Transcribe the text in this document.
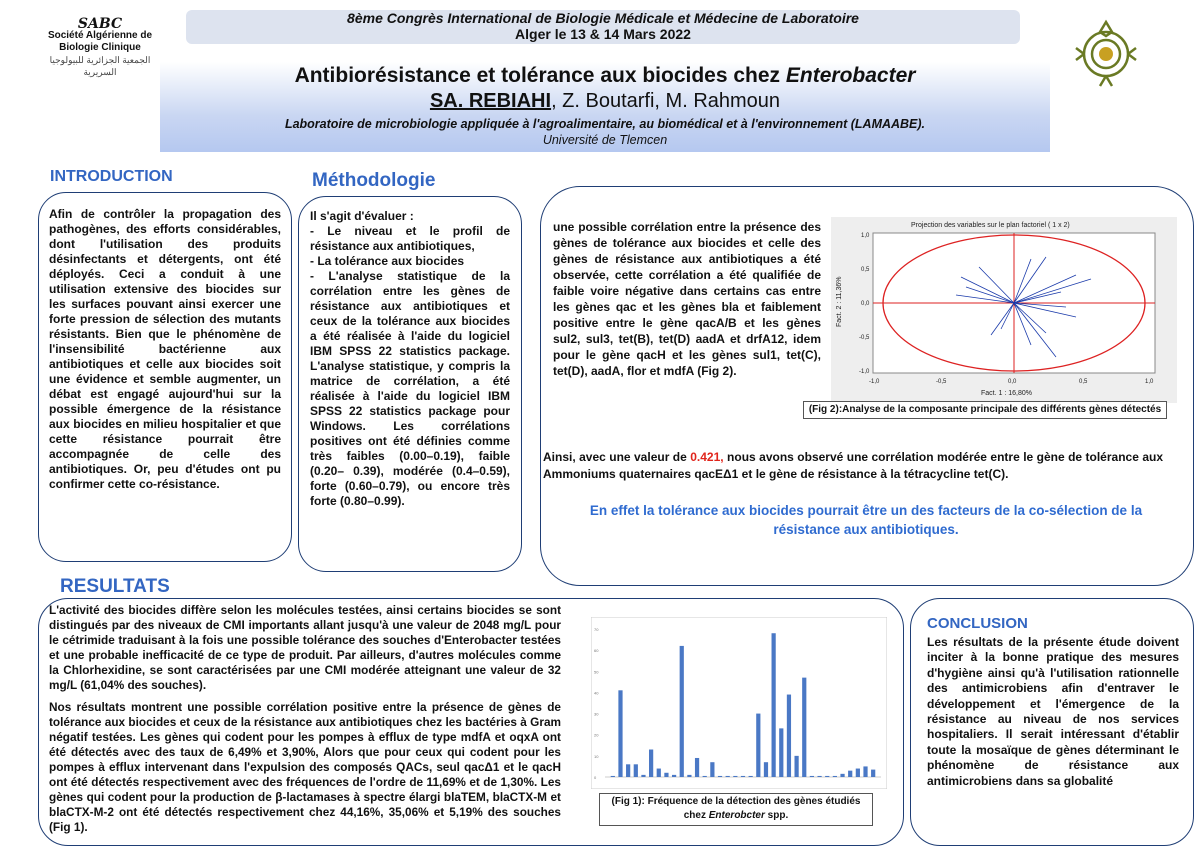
SABC
Société Algérienne de Biologie Clinique
الجمعية الجزائرية للبيولوجيا السريرية
8ème Congrès International de Biologie Médicale et Médecine de Laboratoire
Alger le 13 & 14 Mars 2022
Antibiorésistance et tolérance aux biocides chez Enterobacter
SA. REBIAHI, Z. Boutarfi, M. Rahmoun
Laboratoire de microbiologie appliquée à l'agroalimentaire, au biomédical et à l'environnement (LAMAABE).
Université de Tlemcen
INTRODUCTION
Afin de contrôler la propagation des pathogènes, des efforts considérables, dont l'utilisation des produits désinfectants et détergents, ont été déployés. Ceci a conduit à une utilisation extensive des biocides sur les surfaces pouvant ainsi exercer une forte pression de sélection des mutants résistants. Bien que le phénomène de l'insensibilité bactérienne aux antibiotiques et celle aux biocides soit une évidence et semble augmenter, un débat est engagé aujourd'hui sur la possible émergence de la résistance aux biocides en milieu hospitalier et que cette résistance pourrait être accompagnée de celle des antibiotiques. Or, peu d'études ont pu confirmer cette co-résistance.
Méthodologie
Il s'agit d'évaluer :
- Le niveau et le profil de résistance aux antibiotiques,
- La tolérance aux biocides
- L'analyse statistique de la corrélation entre les gènes de résistance aux antibiotiques et ceux de la tolérance aux biocides a été réalisée à l'aide du logiciel IBM SPSS 22 statistics package. L'analyse statistique, y compris la matrice de corrélation, a été réalisée à l'aide du logiciel IBM SPSS 22 statistics package pour Windows. Les corrélations positives ont été définies comme très faibles (0.00–0.19), faible (0.20– 0.39), modérée (0.4–0.59), forte (0.60–0.79), ou encore très forte (0.80–0.99).
une possible corrélation entre la présence des gènes de tolérance aux biocides et celle des gènes de résistance aux antibiotiques a été observée, cette corrélation a été qualifiée de faible voire négative dans certains cas entre les gènes qac et les gènes bla et faiblement positive entre le gène qacA/B et les gènes sul2, sul3, tet(B), tet(D) aadA et drfA12, idem pour le gène qacH et les gènes sul1, tet(C), tet(D), aadA, flor et mdfA (Fig 2).
Projection des variables sur le plan factoriel ( 1 x 2)
1,0
0,5
0,0
-0,5
-1,0
-1,0	-0,5	0,0	0,5	1,0
Fact. 1 : 16,80%
Fact. 2 : 11,36%
(Fig 2):Analyse de la composante principale des différents gènes détectés
Ainsi, avec une valeur de 0.421, nous avons observé une corrélation modérée entre le gène de tolérance aux Ammoniums quaternaires qacEΔ1 et le gène de résistance à la tétracycline tet(C).
En effet la tolérance aux biocides pourrait être un des facteurs de la co-sélection de la résistance aux antibiotiques.
RESULTATS
L'activité des biocides diffère selon les molécules testées, ainsi certains biocides se sont distingués par des niveaux de CMI importants allant jusqu'à une valeur de 2048 mg/L pour le cétrimide traduisant à la fois une possible tolérance des souches d'Enterobacter testées et une probable inefficacité de ce type de produit. Par ailleurs, d'autres molécules comme la Chlorhexidine, se sont caractérisées par une CMI modérée atteignant une valeur de 32 mg/L (61,04% des souches).
Nos résultats montrent une possible corrélation positive entre la présence de gènes de tolérance aux biocides et ceux de la résistance aux antibiotiques chez les bactéries à Gram négatif testées. Les gènes qui codent pour les pompes à efflux de type mdfA et oqxA ont été détectés avec des taux de 6,49% et 3,90%, Alors que pour ceux qui codent pour les pompes à efflux intervenant dans l'expulsion des composés QACs, seul qacΔ1 et le qacH ont été détectés respectivement avec des fréquences de l'ordre de 11,69% et de 1,30%. Les gènes qui codent pour la production de β-lactamases à spectre élargi blaTEM, blaCTX-M et blaCTX-M-2 ont été détectés respectivement chez 44,16%, 35,06% et 5,19% des souches (Fig 1).
70
60
50
40
30
20
10
0
(Fig 1): Fréquence de la détection des gènes étudiés chez Enterobcter spp.
CONCLUSION
Les résultats de la présente étude doivent inciter à la bonne pratique des mesures d'hygiène ainsi qu'à l'utilisation rationnelle des antimicrobiens afin d'entraver le développement et l'émergence de la résistance au niveau de nos services hospitaliers. Il serait intéressant d'établir toute la mosaïque de gènes déterminant le phénomène de résistance aux antimicrobiens dans sa globalité
